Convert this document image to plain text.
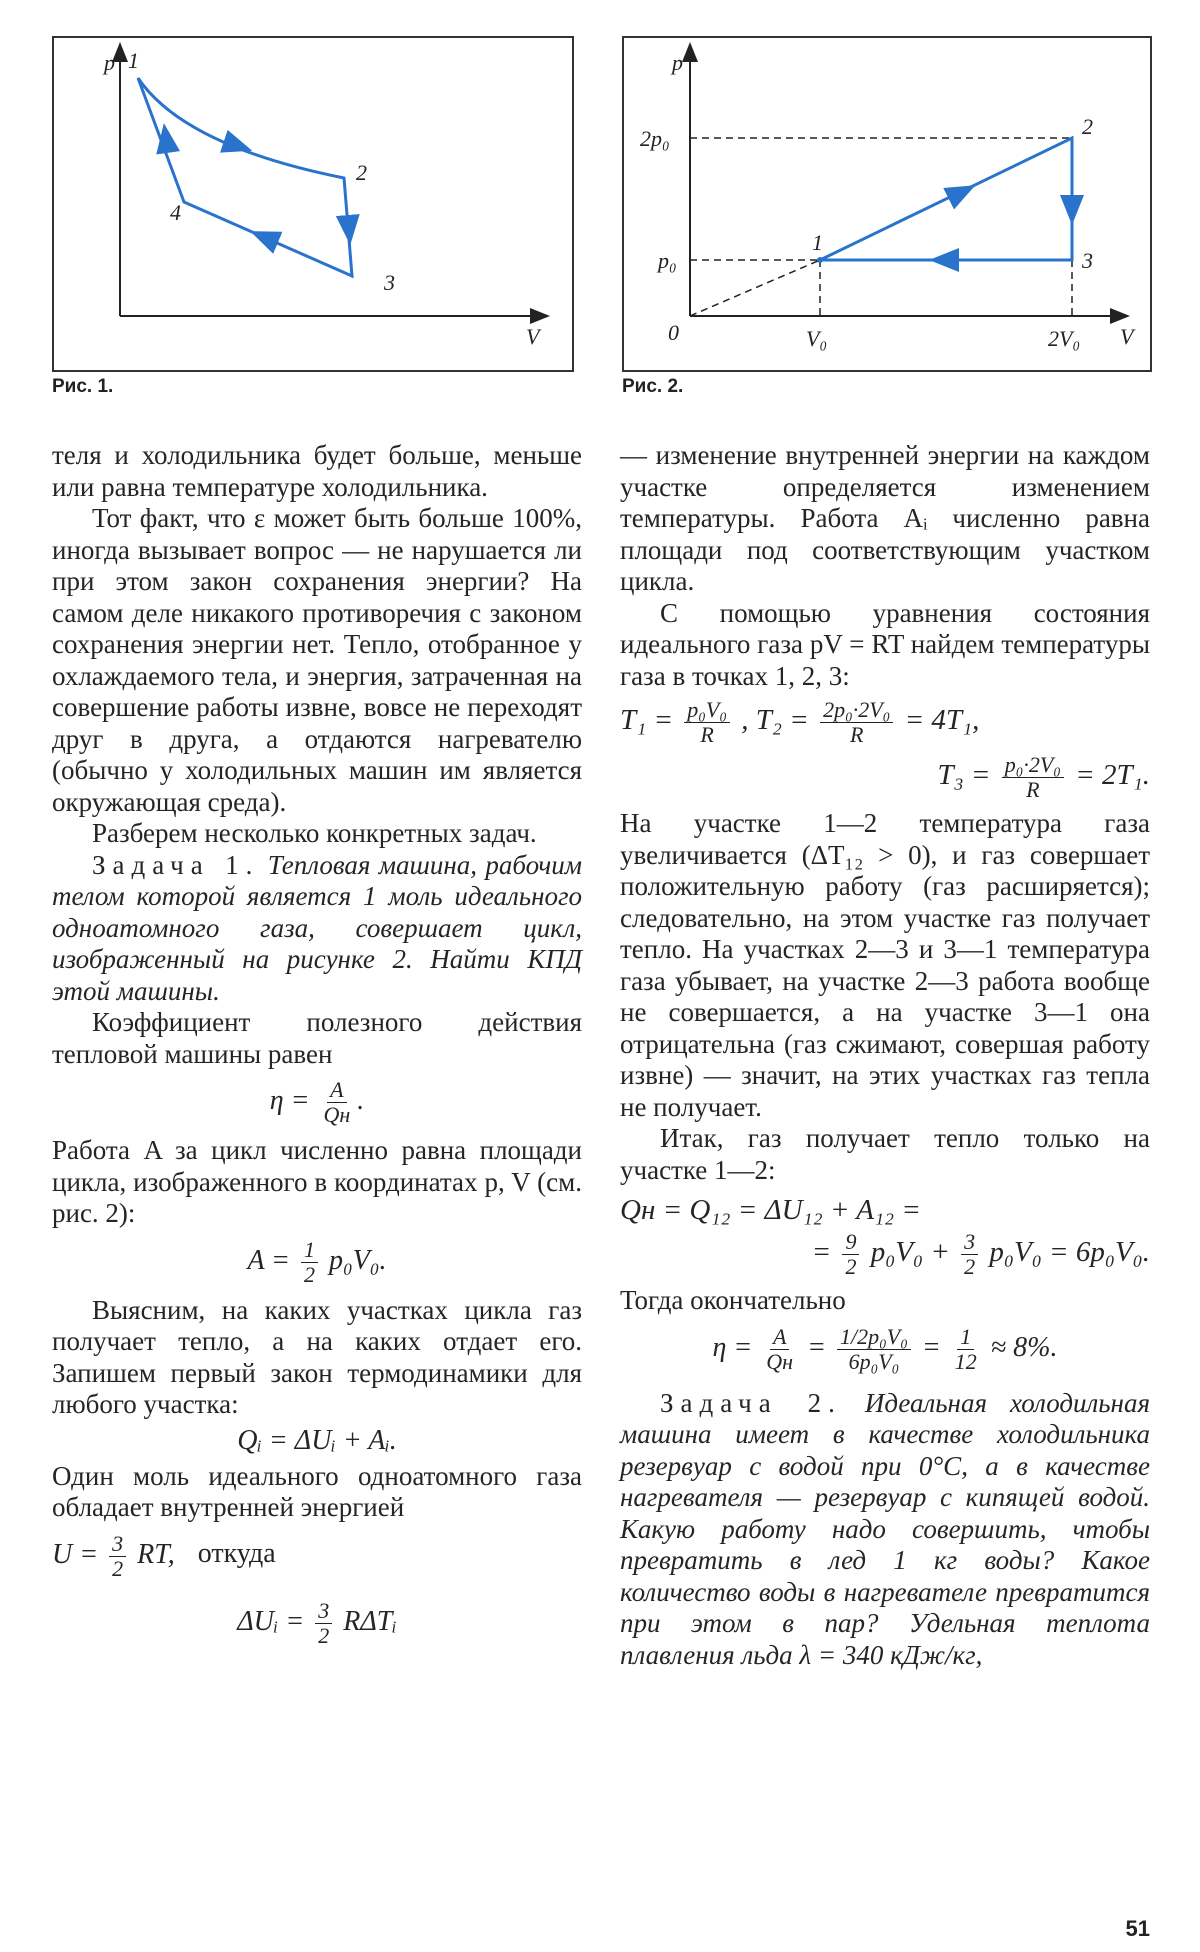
p
V
1
2
3
4
Рис. 1.
p
V
0
2p₀
p₀
V₀	2V₀
1
2
3
Рис. 2.

теля и холодильника будет больше, меньше или равна температуре холодильника.

Тот факт, что ε может быть больше 100%, иногда вызывает вопрос — не нарушается ли при этом закон сохранения энергии? На самом деле никакого противоречия с законом сохранения энергии нет. Тепло, отобранное у охлаждаемого тела, и энергия, затраченная на совершение работы извне, вовсе не переходят друг в друга, а отдаются нагревателю (обычно у холодильных машин им является окружающая среда).

Разберем несколько конкретных задач.

Задача 1. Тепловая машина, рабочим телом которой является 1 моль идеального одноатомного газа, совершает цикл, изображенный на рисунке 2. Найти КПД этой машины.

Коэффициент полезного действия тепловой машины равен

$\eta = \frac{A}{Qн}$ .

Работа A за цикл численно равна площади цикла, изображенного в координатах p, V (см. рис. 2):

$A = \frac{1}{2} p_0V_0$.

Выясним, на каких участках цикла газ получает тепло, а на каких отдает его. Запишем первый закон термодинамики для любого участка:

Qᵢ = ΔUᵢ + Aᵢ.

Один моль идеального одноатомного газа обладает внутренней энергией

$U = \frac{3}{2}$ RT, откуда
ΔUᵢ = $\frac{3}{2}$ RΔTᵢ

— изменение внутренней энергии на каждом участке определяется изменением температуры. Работа Aᵢ численно равна площади под соответствующим участком цикла.

С помощью уравнения состояния идеального газа pV = RT найдем температуры газа в точках 1, 2, 3:

$T_1 = \frac{\text{p₀V₀}}{R}$ , $T_2 = \frac{\text{2p₀·2V₀}}{R} = 4T_1$,
$T_3 = \frac{\text{p₀·2V₀}}{R} = 2T_1$.

На участке 1—2 температура газа увеличивается (ΔT₁₂ > 0), и газ совершает положительную работу (газ расширяется); следовательно, на этом участке газ получает тепло. На участках 2—3 и 3—1 температура газа убывает, на участке 2—3 работа вообще не совершается, а на участке 3—1 она отрицательна (газ сжимают, совершая работу извне) — значит, на этих участках газ тепла не получает.

Итак, газ получает тепло только на участке 1—2:

Qн = Q₁₂ = ΔU₁₂ + A₁₂ =
= $\frac{9}{2} p_0V_0 + \frac{3}{2} p_0V_0 = 6p_0V_0$.

Тогда окончательно

$\eta = \frac{A}{Qн} = \frac{\text{1/2p₀V₀}}{\text{6p₀V₀}} = \frac{1}{12} \approx 8\%$.

Задача 2. Идеальная холодильная машина имеет в качестве холодильника резервуар с водой при 0°C, а в качестве нагревателя — резервуар с кипящей водой. Какую работу надо совершить, чтобы превратить в лед 1 кг воды? Какое количество воды в нагревателе превратится при этом в пар? Удельная теплота плавления льда λ = 340 кДж/кг,

51
